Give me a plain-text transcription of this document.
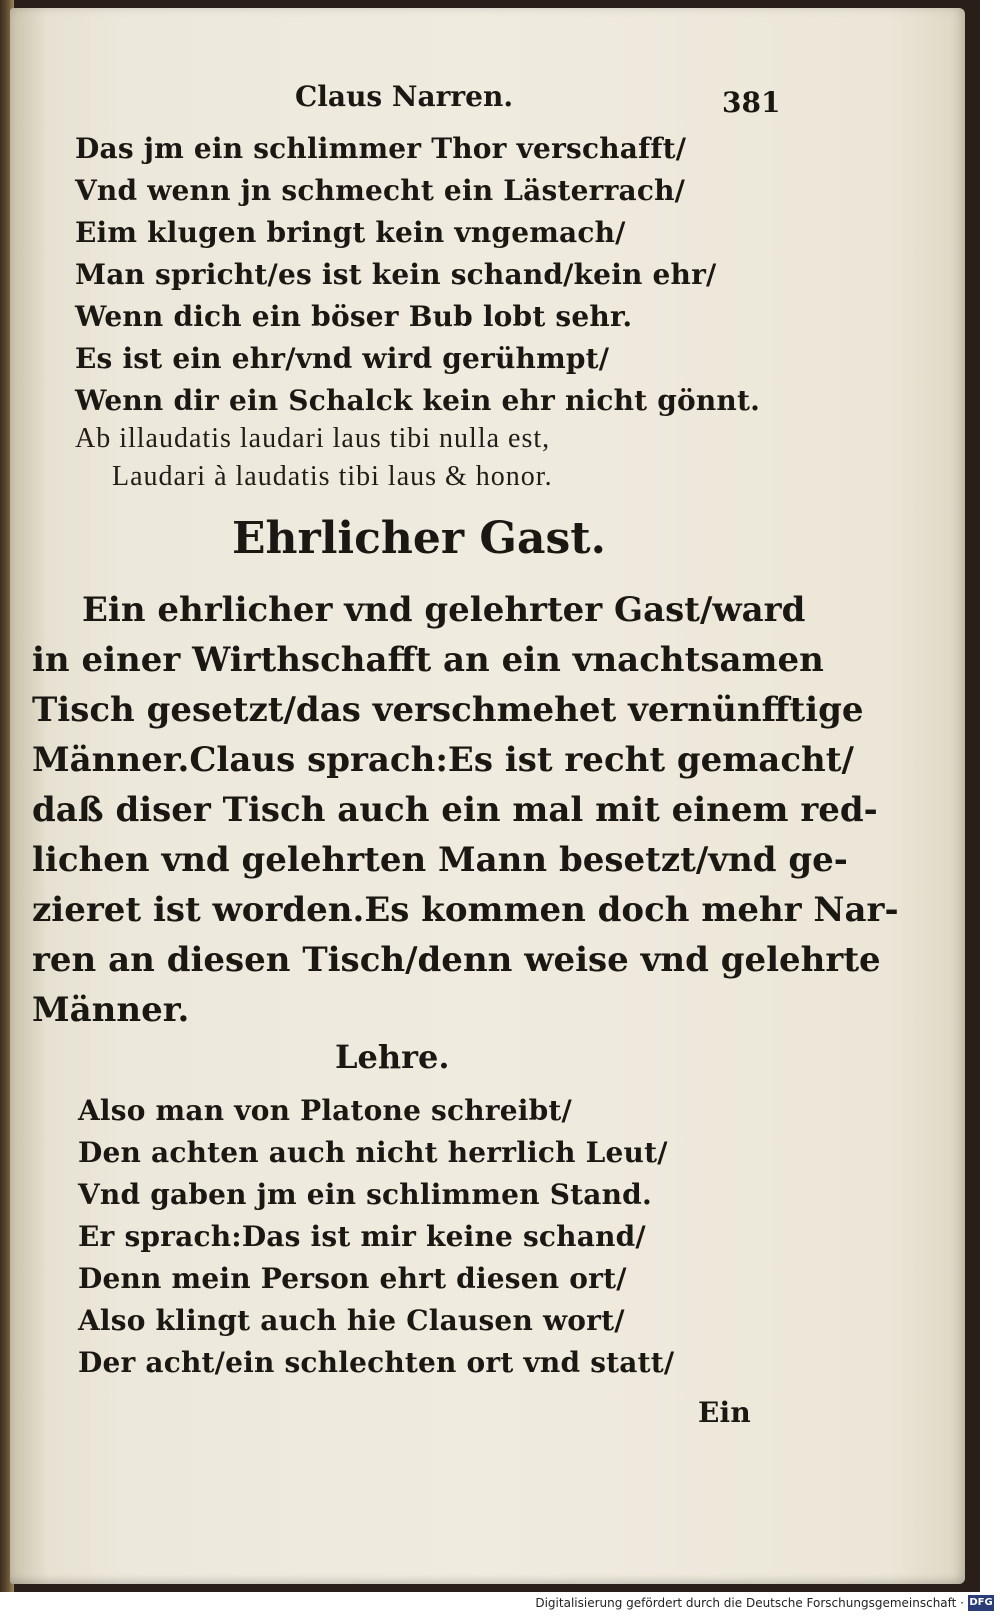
Claus Narren.	381
Das jm ein schlimmer Thor verschafft/
Vnd wenn jn schmecht ein Lästerrach/
Eim klugen bringt kein vngemach/
Man spricht/es ist kein schand/kein ehr/
Wenn dich ein böser Bub lobt sehr.
Es ist ein ehr/vnd wird gerühmpt/
Wenn dir ein Schalck kein ehr nicht gönnt.
Ab illaudatis laudari laus tibi nulla est,
Laudari à laudatis tibi laus & honor.
Ehrlicher Gast.
Ein ehrlicher vnd gelehrter Gast/ward
in einer Wirthschafft an ein vnachtsamen
Tisch gesetzt/das verschmehet vernünfftige
Männer.Claus sprach:Es ist recht gemacht/
daß diser Tisch auch ein mal mit einem red-
lichen vnd gelehrten Mann besetzt/vnd ge-
zieret ist worden.Es kommen doch mehr Nar-
ren an diesen Tisch/denn weise vnd gelehrte
Männer.
Lehre.
Also man von Platone schreibt/
Den achten auch nicht herrlich Leut/
Vnd gaben jm ein schlimmen Stand.
Er sprach:Das ist mir keine schand/
Denn mein Person ehrt diesen ort/
Also klingt auch hie Clausen wort/
Der acht/ein schlechten ort vnd statt/
Ein
Digitalisierung gefördert durch die Deutsche Forschungsgemeinschaft · DFG
